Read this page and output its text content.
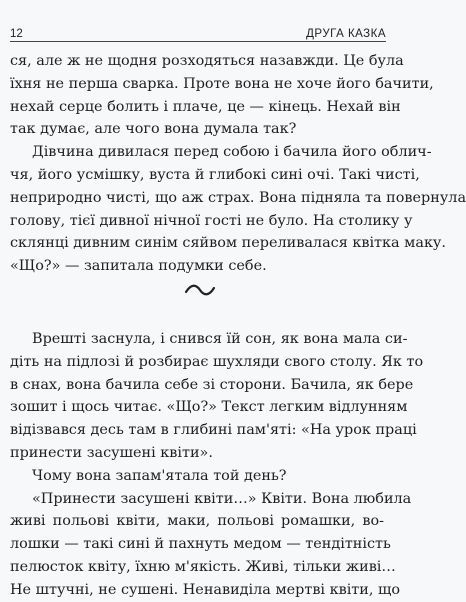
12	ДРУГА КАЗКА
ся, але ж не щодня розходяться назавжди. Це була
їхня не перша сварка. Проте вона не хоче його бачити,
нехай серце болить і плаче, це — кінець. Нехай він
так думає, але чого вона думала так?
Дівчина дивилася перед собою і бачила його облич-
чя, його усмішку, вуста й глибокі сині очі. Такі чисті,
неприродно чисті, що аж страх. Вона підняла та повернула
голову, тієї дивної нічної гості не було. На столику у
склянці дивним синім сяйвом переливалася квітка маку.
«Що?» — запитала подумки себе.
Врешті заснула, і снився їй сон, як вона мала си-
діть на підлозі й розбирає шухляди свого столу. Як то
в снах, вона бачила себе зі сторони. Бачила, як бере
зошит і щось читає. «Що?» Текст легким відлунням
відізвався десь там в глибині пам'яті: «На урок праці
принести засушені квіти».
Чому вона запам'ятала той день?
«Принести засушені квіти…» Квіти. Вона любила
живі польові квіти, маки, польові ромашки, во-
лошки — такі сині й пахнуть медом — тендітність
пелюсток квіту, їхню м'якість. Живі, тільки живі…
Не штучні, не сушені. Ненавиділа мертві квіти, що
